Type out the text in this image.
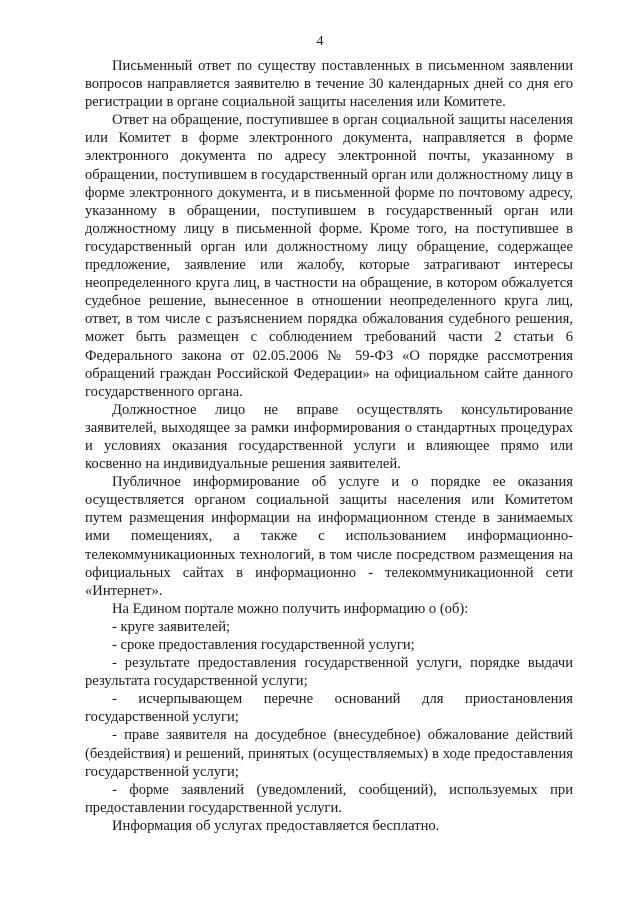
4

Письменный ответ по существу поставленных в письменном заявлении вопросов направляется заявителю в течение 30 календарных дней со дня его регистрации в органе социальной защиты населения или Комитете.

Ответ на обращение, поступившее в орган социальной защиты населения или Комитет в форме электронного документа, направляется в форме электронного документа по адресу электронной почты, указанному в обращении, поступившем в государственный орган или должностному лицу в форме электронного документа, и в письменной форме по почтовому адресу, указанному в обращении, поступившем в государственный орган или должностному лицу в письменной форме. Кроме того, на поступившее в государственный орган или должностному лицу обращение, содержащее предложение, заявление или жалобу, которые затрагивают интересы неопределенного круга лиц, в частности на обращение, в котором обжалуется судебное решение, вынесенное в отношении неопределенного круга лиц, ответ, в том числе с разъяснением порядка обжалования судебного решения, может быть размещен с соблюдением требований части 2 статьи 6 Федерального закона от 02.05.2006 № 59-ФЗ «О порядке рассмотрения обращений граждан Российской Федерации» на официальном сайте данного государственного органа.

Должностное лицо не вправе осуществлять консультирование заявителей, выходящее за рамки информирования о стандартных процедурах и условиях оказания государственной услуги и влияющее прямо или косвенно на индивидуальные решения заявителей.

Публичное информирование об услуге и о порядке ее оказания осуществляется органом социальной защиты населения или Комитетом путем размещения информации на информационном стенде в занимаемых ими помещениях, а также с использованием информационно-телекоммуникационных технологий, в том числе посредством размещения на официальных сайтах в информационно - телекоммуникационной сети «Интернет».

На Едином портале можно получить информацию о (об):

- круге заявителей;

- сроке предоставления государственной услуги;

- результате предоставления государственной услуги, порядке выдачи результата государственной услуги;

- исчерпывающем перечне оснований для приостановления государственной услуги;

- праве заявителя на досудебное (внесудебное) обжалование действий (бездействия) и решений, принятых (осуществляемых) в ходе предоставления государственной услуги;

- форме заявлений (уведомлений, сообщений), используемых при предоставлении государственной услуги.

Информация об услугах предоставляется бесплатно.
